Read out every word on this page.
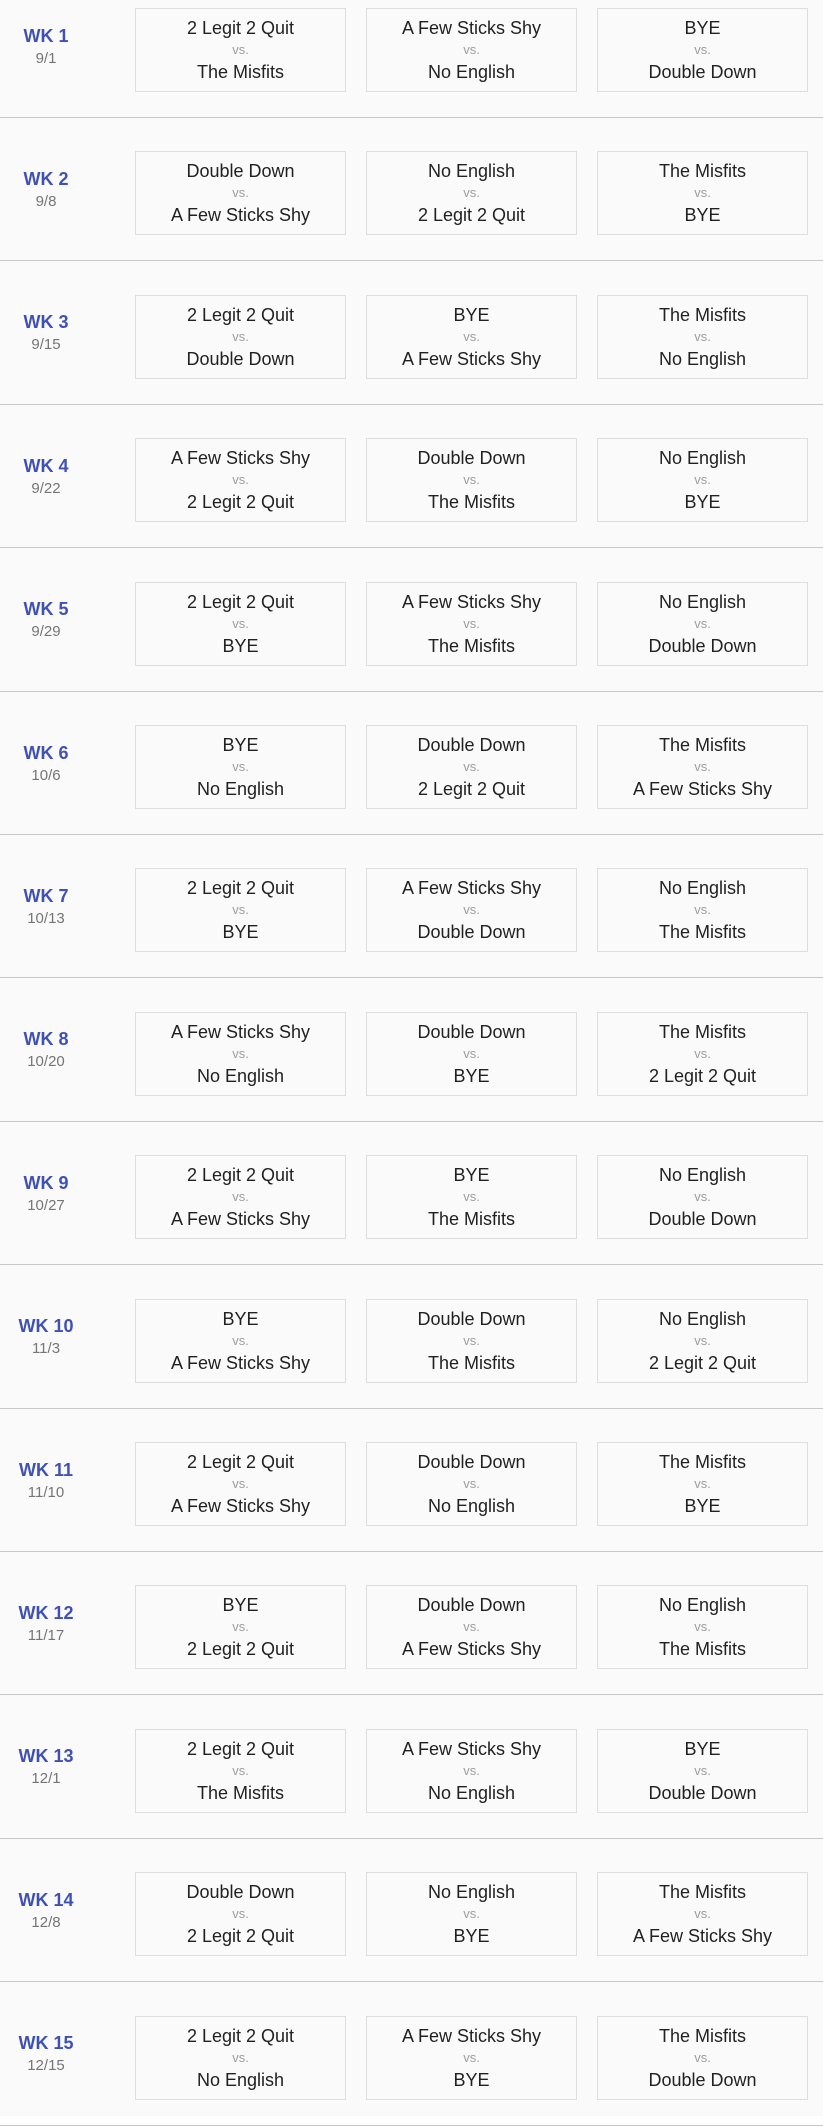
WK 1
9/1
2 Legit 2 Quit
vs.
The Misfits
A Few Sticks Shy
vs.
No English
BYE
vs.
Double Down
WK 2
9/8
Double Down
vs.
A Few Sticks Shy
No English
vs.
2 Legit 2 Quit
The Misfits
vs.
BYE
WK 3
9/15
2 Legit 2 Quit
vs.
Double Down
BYE
vs.
A Few Sticks Shy
The Misfits
vs.
No English
WK 4
9/22
A Few Sticks Shy
vs.
2 Legit 2 Quit
Double Down
vs.
The Misfits
No English
vs.
BYE
WK 5
9/29
2 Legit 2 Quit
vs.
BYE
A Few Sticks Shy
vs.
The Misfits
No English
vs.
Double Down
WK 6
10/6
BYE
vs.
No English
Double Down
vs.
2 Legit 2 Quit
The Misfits
vs.
A Few Sticks Shy
WK 7
10/13
2 Legit 2 Quit
vs.
BYE
A Few Sticks Shy
vs.
Double Down
No English
vs.
The Misfits
WK 8
10/20
A Few Sticks Shy
vs.
No English
Double Down
vs.
BYE
The Misfits
vs.
2 Legit 2 Quit
WK 9
10/27
2 Legit 2 Quit
vs.
A Few Sticks Shy
BYE
vs.
The Misfits
No English
vs.
Double Down
WK 10
11/3
BYE
vs.
A Few Sticks Shy
Double Down
vs.
The Misfits
No English
vs.
2 Legit 2 Quit
WK 11
11/10
2 Legit 2 Quit
vs.
A Few Sticks Shy
Double Down
vs.
No English
The Misfits
vs.
BYE
WK 12
11/17
BYE
vs.
2 Legit 2 Quit
Double Down
vs.
A Few Sticks Shy
No English
vs.
The Misfits
WK 13
12/1
2 Legit 2 Quit
vs.
The Misfits
A Few Sticks Shy
vs.
No English
BYE
vs.
Double Down
WK 14
12/8
Double Down
vs.
2 Legit 2 Quit
No English
vs.
BYE
The Misfits
vs.
A Few Sticks Shy
WK 15
12/15
2 Legit 2 Quit
vs.
No English
A Few Sticks Shy
vs.
BYE
The Misfits
vs.
Double Down
